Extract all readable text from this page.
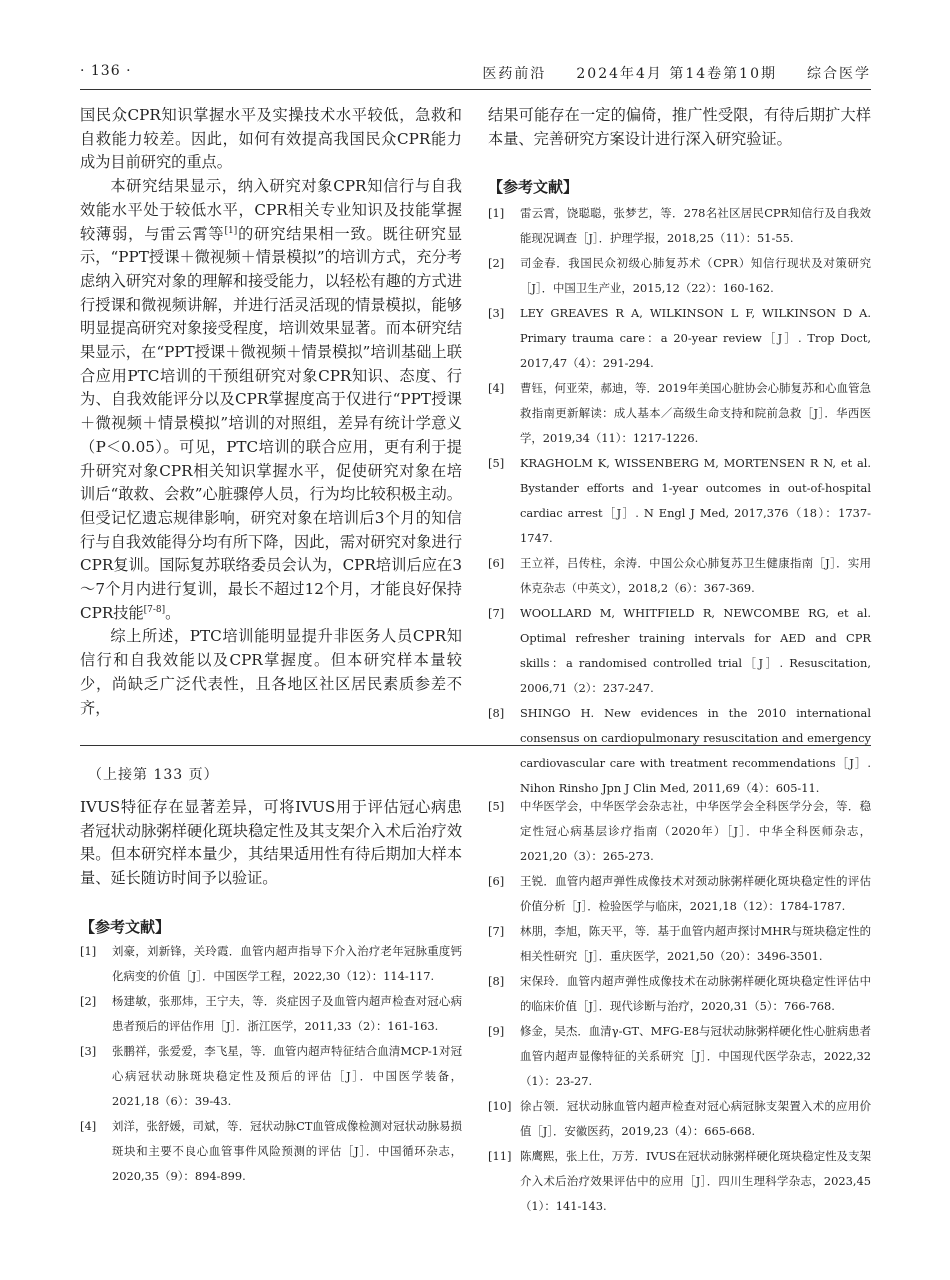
· 136 ·	医药前沿 2024年4月 第14卷第10期 综合医学

国民众CPR知识掌握水平及实操技术水平较低，急救和自救能力较差。因此，如何有效提高我国民众CPR能力成为目前研究的重点。

本研究结果显示，纳入研究对象CPR知信行与自我效能水平处于较低水平，CPR相关专业知识及技能掌握较薄弱，与雷云霄等[1]的研究结果相一致。既往研究显示，“PPT授课＋微视频＋情景模拟”的培训方式，充分考虑纳入研究对象的理解和接受能力，以轻松有趣的方式进行授课和微视频讲解，并进行活灵活现的情景模拟，能够明显提高研究对象接受程度，培训效果显著。而本研究结果显示，在“PPT授课＋微视频＋情景模拟”培训基础上联合应用PTC培训的干预组研究对象CPR知识、态度、行为、自我效能评分以及CPR掌握度高于仅进行“PPT授课＋微视频＋情景模拟”培训的对照组，差异有统计学意义（P＜0.05）。可见，PTC培训的联合应用，更有利于提升研究对象CPR相关知识掌握水平，促使研究对象在培训后“敢救、会救”心脏骤停人员，行为均比较积极主动。但受记忆遗忘规律影响，研究对象在培训后3个月的知信行与自我效能得分均有所下降，因此，需对研究对象进行CPR复训。国际复苏联络委员会认为，CPR培训后应在3～7个月内进行复训，最长不超过12个月，才能良好保持CPR技能[7-8]。

综上所述，PTC培训能明显提升非医务人员CPR知信行和自我效能以及CPR掌握度。但本研究样本量较少，尚缺乏广泛代表性，且各地区社区居民素质参差不齐，

结果可能存在一定的偏倚，推广性受限，有待后期扩大样本量、完善研究方案设计进行深入研究验证。

【参考文献】

[1] 雷云霄，饶聪聪，张梦艺，等．278名社区居民CPR知信行及自我效能现况调查［J］．护理学报，2018,25（11）：51-55.
[2] 司金春．我国民众初级心肺复苏术（CPR）知信行现状及对策研究［J］．中国卫生产业，2015,12（22）：160-162.
[3] LEY GREAVES R A, WILKINSON L F, WILKINSON D A. Primary trauma care：a 20-year review［J］. Trop Doct, 2017,47（4）：291-294.
[4] 曹钰，何亚荣，郝迪，等．2019年美国心脏协会心肺复苏和心血管急救指南更新解读：成人基本／高级生命支持和院前急救［J］．华西医学，2019,34（11）：1217-1226.
[5] KRAGHOLM K, WISSENBERG M, MORTENSEN R N, et al. Bystander efforts and 1-year outcomes in out-of-hospital cardiac arrest［J］. N Engl J Med, 2017,376（18）：1737-1747.
[6] 王立祥，吕传柱，余涛．中国公众心肺复苏卫生健康指南［J］．实用休克杂志（中英文），2018,2（6）：367-369.
[7] WOOLLARD M, WHITFIELD R, NEWCOMBE RG, et al. Optimal refresher training intervals for AED and CPR skills：a randomised controlled trial［J］. Resuscitation, 2006,71（2）：237-247.
[8] SHINGO H. New evidences in the 2010 international consensus on cardiopulmonary resuscitation and emergency cardiovascular care with treatment recommendations［J］. Nihon Rinsho Jpn J Clin Med, 2011,69（4）：605-11.

（上接第 133 页）

IVUS特征存在显著差异，可将IVUS用于评估冠心病患者冠状动脉粥样硬化斑块稳定性及其支架介入术后治疗效果。但本研究样本量少，其结果适用性有待后期加大样本量、延长随访时间予以验证。

【参考文献】

[1] 刘豪，刘新锋，关玲霞．血管内超声指导下介入治疗老年冠脉重度钙化病变的价值［J］．中国医学工程，2022,30（12）：114-117.
[2] 杨建敏，张那炜，王宁夫，等．炎症因子及血管内超声检查对冠心病患者预后的评估作用［J］．浙江医学，2011,33（2）：161-163.
[3] 张鹏祥，张爱爱，李飞星，等．血管内超声特征结合血清MCP-1对冠心病冠状动脉斑块稳定性及预后的评估［J］．中国医学装备，2021,18（6）：39-43.
[4] 刘洋，张舒媛，司斌，等．冠状动脉CT血管成像检测对冠状动脉易损斑块和主要不良心血管事件风险预测的评估［J］．中国循环杂志，2020,35（9）：894-899.
[5] 中华医学会，中华医学会杂志社，中华医学会全科医学分会，等．稳定性冠心病基层诊疗指南（2020年）［J］．中华全科医师杂志，2021,20（3）：265-273.
[6] 王锐．血管内超声弹性成像技术对颈动脉粥样硬化斑块稳定性的评估价值分析［J］．检验医学与临床，2021,18（12）：1784-1787.
[7] 林朋，李旭，陈天平，等．基于血管内超声探讨MHR与斑块稳定性的相关性研究［J］．重庆医学，2021,50（20）：3496-3501.
[8] 宋保玲．血管内超声弹性成像技术在动脉粥样硬化斑块稳定性评估中的临床价值［J］．现代诊断与治疗，2020,31（5）：766-768.
[9] 修金，吴杰．血清γ-GT、MFG-E8与冠状动脉粥样硬化性心脏病患者血管内超声显像特征的关系研究［J］．中国现代医学杂志，2022,32（1）：23-27.
[10] 徐占领．冠状动脉血管内超声检查对冠心病冠脉支架置入术的应用价值［J］．安徽医药，2019,23（4）：665-668.
[11] 陈鹰熙，张上仕，万芳．IVUS在冠状动脉粥样硬化斑块稳定性及支架介入术后治疗效果评估中的应用［J］．四川生理科学杂志，2023,45（1）：141-143.
